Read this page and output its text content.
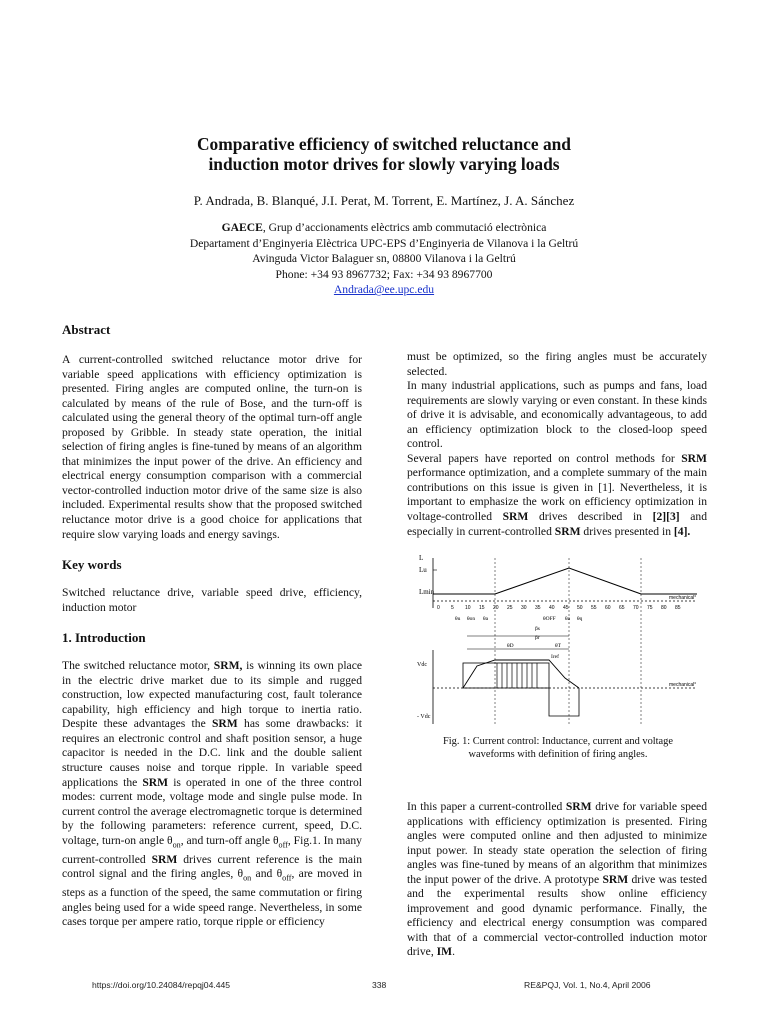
Comparative efficiency of switched reluctance and
induction motor drives for slowly varying loads
P. Andrada, B. Blanqué, J.I. Perat, M. Torrent, E. Martínez, J. A. Sánchez
GAECE, Grup d’accionaments elèctrics amb commutació electrònica
Departament d’Enginyeria Elèctrica UPC-EPS d’Enginyeria de Vilanova i la Geltrú
Avinguda Victor Balaguer sn, 08800 Vilanova i la Geltrú
Phone: +34 93 8967732; Fax: +34 93 8967700
Andrada@ee.upc.edu
Abstract

A current-controlled switched reluctance motor drive for variable speed applications with efficiency optimization is presented. Firing angles are computed online, the turn-on is calculated by means of the rule of Bose, and the turn-off is calculated using the general theory of the optimal turn-off angle proposed by Gribble. In steady state operation, the initial selection of firing angles is fine-tuned by means of an algorithm that minimizes the input power of the drive. An efficiency and electrical energy consumption comparison with a commercial vector-controlled induction motor drive of the same size is also included. Experimental results show that the proposed switched reluctance motor drive is a good choice for applications that require slow varying loads and energy savings.

Key words

Switched reluctance drive, variable speed drive, efficiency, induction motor

1. Introduction

The switched reluctance motor, SRM, is winning its own place in the electric drive market due to its simple and rugged construction, low expected manufacturing cost, fault tolerance capability, high efficiency and high torque to inertia ratio. Despite these advantages the SRM has some drawbacks: it requires an electronic control and shaft position sensor, a huge capacitor is needed in the D.C. link and the double salient structure causes noise and torque ripple. In variable speed applications the SRM is operated in one of the three control modes: current mode, voltage mode and single pulse mode. In current control the average electromagnetic torque is determined by the following parameters: reference current, speed, D.C. voltage, turn-on angle $\theta_{on}$, and turn-off angle $\theta_{off}$, Fig.1. In many current-controlled SRM drives current reference is the main control signal and the firing angles, $\theta_{on}$ and $\theta_{off}$, are moved in steps as a function of the speed, the same commutation or firing angles being used for a wide speed range. Nevertheless, in some cases torque per ampere ratio, torque ripple or efficiency

must be optimized, so the firing angles must be accurately selected.

In many industrial applications, such as pumps and fans, load requirements are slowly varying or even constant. In these kinds of drive it is advisable, and economically advantageous, to add an efficiency optimization block to the closed-loop speed control.

Several papers have reported on control methods for SRM performance optimization, and a complete summary of the main contributions on this issue is given in [1]. Nevertheless, it is important to emphasize the work on efficiency optimization in voltage-controlled SRM drives described in [2][3] and especially in current-controlled SRM drives presented in [4].

L
Lu
Lmin
mechanical°
0 5 10 15 20 25 30 35 40 45 50 55 60 65 70 75 80 85
θu θon θa	θOFF θa θq
βs
βr
θD	θT
Vdc
- Vdc
Iref
mechanical°
Fig. 1: Current control: Inductance, current and voltage waveforms with definition of firing angles.

In this paper a current-controlled SRM drive for variable speed applications with efficiency optimization is presented. Firing angles were computed online and then adjusted to minimize input power. In steady state operation the selection of firing angles was fine-tuned by means of an algorithm that minimizes the input power of the drive. A prototype SRM drive was tested and the experimental results show online efficiency improvement and good dynamic performance. Finally, the efficiency and electrical energy consumption was compared with that of a commercial vector-controlled induction motor drive, IM.

https://doi.org/10.24084/repqj04.445	338	RE&PQJ, Vol. 1, No.4, April 2006
